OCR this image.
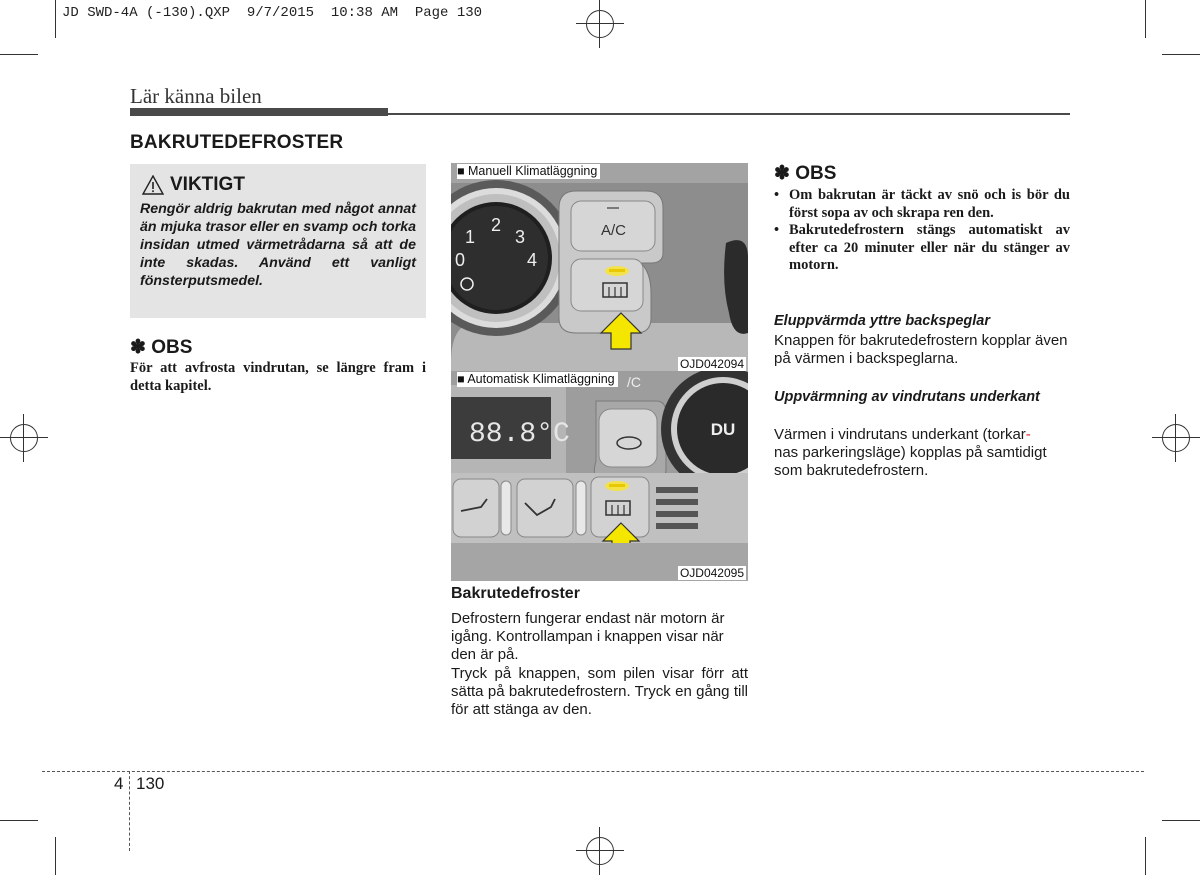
JD SWD-4A (-130).QXP  9/7/2015  10:38 AM  Page 130
Lär känna bilen
BAKRUTEDEFROSTER
VIKTIGT
Rengör aldrig bakrutan med något annat än mjuka trasor eller en svamp och torka insidan utmed värmetrådarna så att de inte skadas. Använd ett vanligt fönsterputsmedel.
✽ OBS
För att avfrosta vindrutan, se längre fram i detta kapitel.
1
2
3
0	4
A/C
■ Manuell Klimatläggning
OJD042094
88.8°C
/C
DU
■ Automatisk Klimatläggning
OJD042095
Bakrutedefroster
Defrostern fungerar endast när motorn är igång. Kontrollampan i knappen visar när den är på.
Tryck på knappen, som pilen visar förr att sätta på bakrutedefrostern. Tryck en gång till för att stänga av den.
✽ OBS
• Om bakrutan är täckt av snö och is bör du först sopa av och skrapa ren den.
• Bakrutedefrostern stängs automatiskt av efter ca 20 minuter eller när du stänger av motorn.
Eluppvärmda yttre backspeglar
Knappen för bakrutedefrostern kopplar även på värmen i backspeglarna.
Uppvärmning av vindrutans underkant
Värmen i vindrutans underkant (torkar-
nas parkeringsläge) kopplas på samtidigt som bakrutedefrostern.
4 130
